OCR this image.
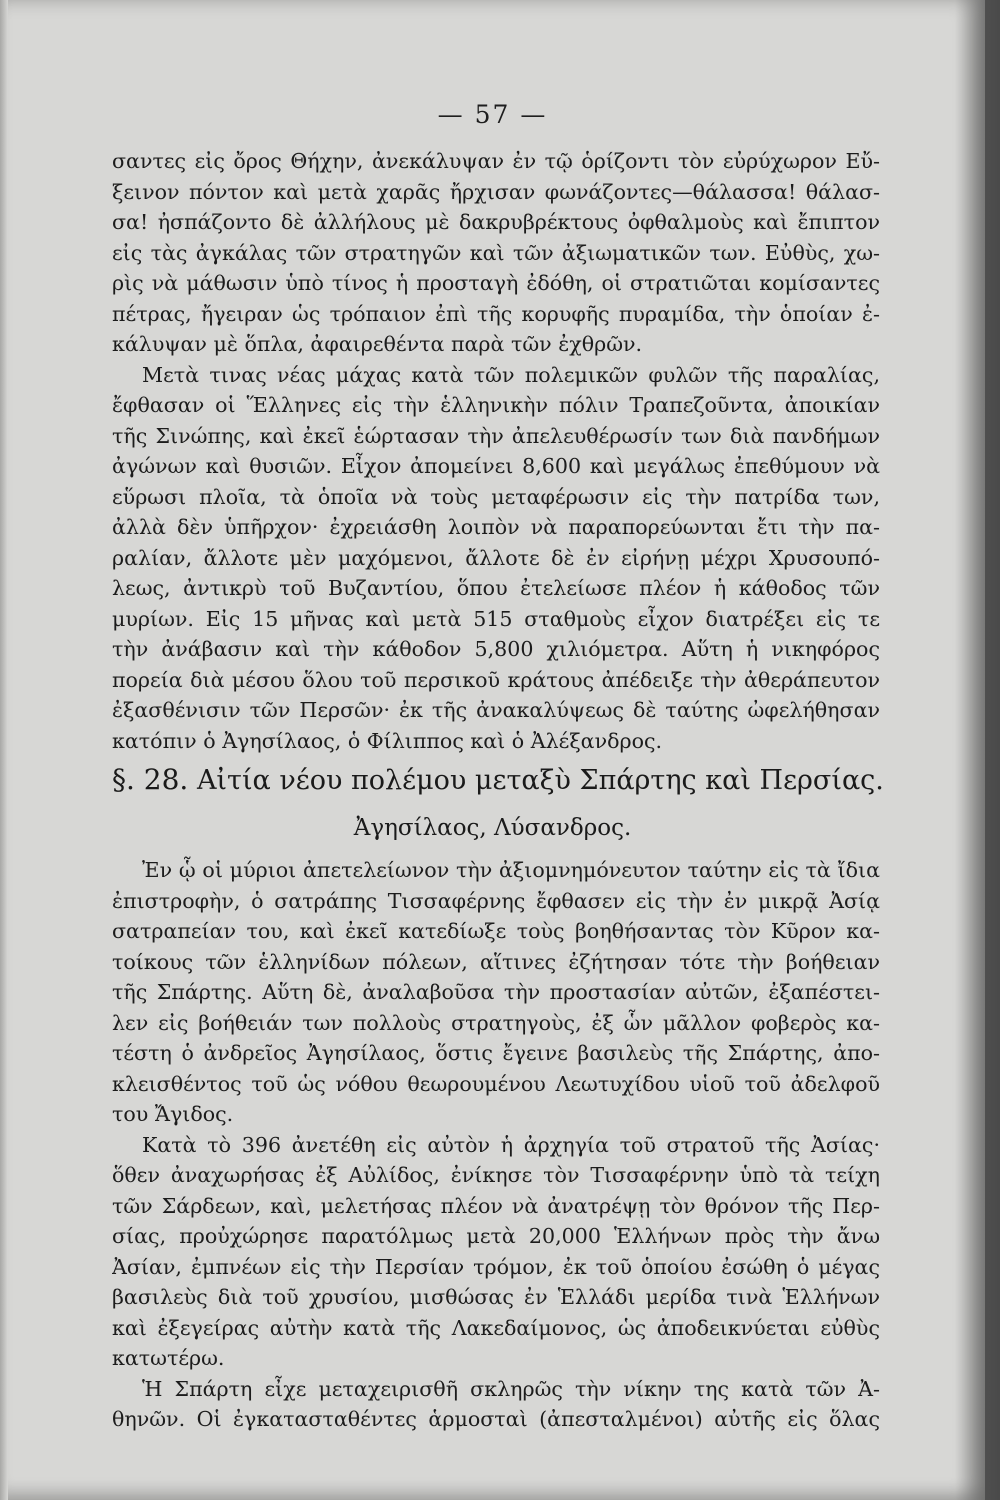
— 57 —
σαντες εἰς ὄρος Θήχην, ἀνεκάλυψαν ἐν τῷ ὁρίζοντι τὸν εὐρύχωρον Εὔ-
ξεινον πόντον καὶ μετὰ χαρᾶς ἤρχισαν φωνάζοντες—θάλασσα! θάλασ-
σα! ἠσπάζοντο δὲ ἀλλήλους μὲ δακρυβρέκτους ὀφθαλμοὺς καὶ ἔπιπτον
εἰς τὰς ἀγκάλας τῶν στρατηγῶν καὶ τῶν ἀξιωματικῶν των. Εὐθὺς, χω-
ρὶς νὰ μάθωσιν ὑπὸ τίνος ἡ προσταγὴ ἐδόθη, οἱ στρατιῶται κομίσαντες
πέτρας, ἤγειραν ὡς τρόπαιον ἐπὶ τῆς κορυφῆς πυραμίδα, τὴν ὁποίαν ἐ-
κάλυψαν μὲ ὅπλα, ἀφαιρεθέντα παρὰ τῶν ἐχθρῶν.
Μετὰ τινας νέας μάχας κατὰ τῶν πολεμικῶν φυλῶν τῆς παραλίας,
ἔφθασαν οἱ Ἕλληνες εἰς τὴν ἑλληνικὴν πόλιν Τραπεζοῦντα, ἀποικίαν
τῆς Σινώπης, καὶ ἐκεῖ ἑώρτασαν τὴν ἀπελευθέρωσίν των διὰ πανδήμων
ἀγώνων καὶ θυσιῶν. Εἶχον ἀπομείνει 8,600 καὶ μεγάλως ἐπεθύμουν νὰ
εὕρωσι πλοῖα, τὰ ὁποῖα νὰ τοὺς μεταφέρωσιν εἰς τὴν πατρίδα των,
ἀλλὰ δὲν ὑπῆρχον· ἐχρειάσθη λοιπὸν νὰ παραπορεύωνται ἔτι τὴν πα-
ραλίαν, ἄλλοτε μὲν μαχόμενοι, ἄλλοτε δὲ ἐν εἰρήνῃ μέχρι Χρυσουπό-
λεως, ἀντικρὺ τοῦ Βυζαντίου, ὅπου ἐτελείωσε πλέον ἡ κάθοδος τῶν
μυρίων. Εἰς 15 μῆνας καὶ μετὰ 515 σταθμοὺς εἶχον διατρέξει εἰς τε
τὴν ἀνάβασιν καὶ τὴν κάθοδον 5,800 χιλιόμετρα. Αὕτη ἡ νικηφόρος
πορεία διὰ μέσου ὅλου τοῦ περσικοῦ κράτους ἀπέδειξε τὴν ἀθεράπευτον
ἐξασθένισιν τῶν Περσῶν· ἐκ τῆς ἀνακαλύψεως δὲ ταύτης ὠφελήθησαν
κατόπιν ὁ Ἀγησίλαος, ὁ Φίλιππος καὶ ὁ Ἀλέξανδρος.
§. 28. Αἰτία νέου πολέμου μεταξὺ Σπάρτης καὶ Περσίας.
Ἀγησίλαος, Λύσανδρος.
Ἐν ᾧ οἱ μύριοι ἀπετελείωνον τὴν ἀξιομνημόνευτον ταύτην εἰς τὰ ἴδια
ἐπιστροφὴν, ὁ σατράπης Τισσαφέρνης ἔφθασεν εἰς τὴν ἐν μικρᾷ Ἀσίᾳ
σατραπείαν του, καὶ ἐκεῖ κατεδίωξε τοὺς βοηθήσαντας τὸν Κῦρον κα-
τοίκους τῶν ἑλληνίδων πόλεων, αἵτινες ἐζήτησαν τότε τὴν βοήθειαν
τῆς Σπάρτης. Αὕτη δὲ, ἀναλαβοῦσα τὴν προστασίαν αὐτῶν, ἐξαπέστει-
λεν εἰς βοήθειάν των πολλοὺς στρατηγοὺς, ἐξ ὧν μᾶλλον φοβερὸς κα-
τέστη ὁ ἀνδρεῖος Ἀγησίλαος, ὅστις ἔγεινε βασιλεὺς τῆς Σπάρτης, ἀπο-
κλεισθέντος τοῦ ὡς νόθου θεωρουμένου Λεωτυχίδου υἱοῦ τοῦ ἀδελφοῦ
του Ἄγιδος.
Κατὰ τὸ 396 ἀνετέθη εἰς αὐτὸν ἡ ἀρχηγία τοῦ στρατοῦ τῆς Ἀσίας·
ὅθεν ἀναχωρήσας ἐξ Αὐλίδος, ἐνίκησε τὸν Τισσαφέρνην ὑπὸ τὰ τείχη
τῶν Σάρδεων, καὶ, μελετήσας πλέον νὰ ἀνατρέψῃ τὸν θρόνον τῆς Περ-
σίας, προὐχώρησε παρατόλμως μετὰ 20,000 Ἑλλήνων πρὸς τὴν ἄνω
Ἀσίαν, ἐμπνέων εἰς τὴν Περσίαν τρόμον, ἐκ τοῦ ὁποίου ἐσώθη ὁ μέγας
βασιλεὺς διὰ τοῦ χρυσίου, μισθώσας ἐν Ἑλλάδι μερίδα τινὰ Ἑλλήνων
καὶ ἐξεγείρας αὐτὴν κατὰ τῆς Λακεδαίμονος, ὡς ἀποδεικνύεται εὐθὺς
κατωτέρω.
Ἡ Σπάρτη εἶχε μεταχειρισθῆ σκληρῶς τὴν νίκην της κατὰ τῶν Ἀ-
θηνῶν. Οἱ ἐγκατασταθέντες ἁρμοσταὶ (ἀπεσταλμένοι) αὐτῆς εἰς ὅλας
